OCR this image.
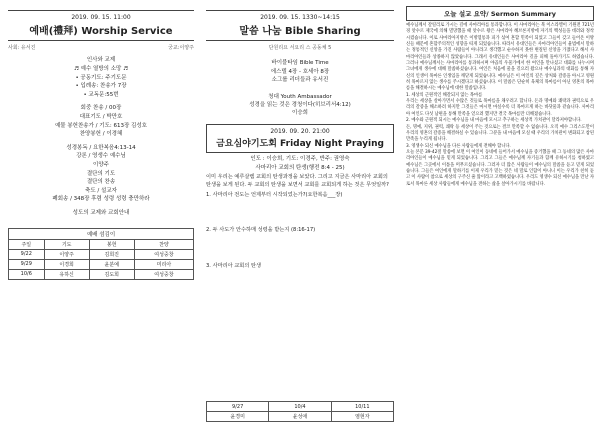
2019. 09. 15. 11:00
예배(禮拜) Worship Service
사회: 유서진	궁교:이양주
인사와 교제
♬ 예수 열방의 소망 ♬
• 공동기도: 주기도문
• 입례송: 찬송가 7장
• 교독문:55번
회중 찬송 / 00장
대표기도 / 박만호
예물 봉헌찬송가 / 기도: 613장 김성호
찬양봉헌 / 이경혜
성경봉독 / 요한복음4:13-14
강론 / 영생수 예수님
이양주
결단의 기도
결단의 찬송
축도 / 설교자
폐회송 / 348장 후렴 성령 성령 충만하라
성도의 교제와 교회안내
예배 섬김이
주일	기도	봉헌	찬양
9/22	이양주	김희진	여성중창
9/29	이경희	윤분예	미리아
10/6	유하신	김도희	여성중창
2019. 09. 15. 1330~14:15
말씀 나눔 Bible Sharing
단원리요 서요리 스 공동체 5
바이블타임 Bible Time
에스델 4장 - 호세아 8장
소그룹 리더들과 유서진
청대 Youth Ambassador
성경을 읽는 것은 경청이다(히브리서4:12)
이승희
2019. 09. 20. 21:00
금요심야기도회 Friday Night Praying
인도 : 이승희, 기도: 이경주, 반주: 권영숙
사마리아 교회의 탄생(행전 8:4 - 25)
이미 우리는 예루살렘 교회의 탄생과정을 보았다. 그리고 지금은 사마리아 교회의 탄생을 보게 된다. 두 교회의 탄생을 보면서 교회를 교회되게 하는 것은 무엇일까?
1. 사마리아 전도는 언제부터 시작되었는가?(요한복음___장)
2. 두 사도가 안수하매 성령을 받는지 (8:16-17)
3. 사마리아 교회의 탄생
9/27	10/4	10/11
윤경미	윤성애	염현자
오늘 설교 요약/ Sermon Summary
예수님께서 갈릴리로 가시는 길에 사마리아를 통과합니다. 이 사마리아는 북 이스라엘이 기원전 721년경 앗수르 제국에 의해 멸망했을 때 앗수르 왕은 사마리아 혜브론지방에 자기의 백성들을 데려와 정착시켰습니다. 이로 사마리아지방은 이방혈통과 피가 섞여 혼합 민족이 되었고 그들이 갖고 들어온 이방 신들 때문에 혼합주의적인 성향을 띠게 되었습니다. 따라서 유대인들은 사마리아인들이 율법에서 말하는 정통적인 신앙을 가진 사람들이 아니라고 생각했고 순수하지 못한 변질된 신앙을 가졌다고 해서 사마리아인들과 상종하지 않았습니다. 그래서 유대인들은 사마리아 길을 피해 돌아가기도 하였습니다. 그러나 예수님께서는 사마리아를 통과하시며 야곱의 우물가에서 한 여인을 만나셨고 대화를 나누시며 그녀에게 생수에 대해 말씀하셨습니다. 여인은 처음에 물을 길으러 왔으나 예수님과의 대화를 통해 자신의 인생이 목마른 인생임을 깨닫게 되었습니다. 예수님은 이 여인의 깊은 상처와 갈증을 아시고 영원히 목마르지 않는 생수를 주시겠다고 하셨습니다. 이 말씀은 단순히 육체의 목마름이 아닌 영혼의 목마름을 해결하시는 예수님에 대한 말씀입니다.
1. 세상의 근원적인 해갈되지 않는 목마름
우리는 세상을 살아가면서 수많은 것들로 목마름을 채우려고 합니다. 돈과 명예와 쾌락과 권력으로 우리의 갈증을 해소하려 하지만 그것들은 마시면 마실수록 더 목마르게 하는 바닷물과 같습니다. 사마리아 여인도 다섯 남편을 통해 만족을 얻으려 했지만 결국 목마름만 더해졌습니다.
2. 예수와 근원적 되시는 예수님을 내 마음에 모시고 추구하는 세상적 가치관이 달라져야합니다.
돈, 명예, 지위, 권력, 쾌락 등 세상이 주는 것으로는 결코 만족할 수 없습니다. 오직 예수 그리스도만이 우리의 영혼의 갈증을 해결하실 수 있습니다. 그분을 내 마음에 모실 때 우리의 가치관이 변화되고 참된 만족을 누리게 됩니다.
3. 영생수 되신 예수님을 다른 사람들에게 전해야 합니다.
오늘 본문 39-42절 말씀에 보면 이 여인이 동네에 들어가서 예수님을 증거했을 때 그 동네의 많은 사마리아인들이 예수님을 믿게 되었습니다. 그리고 그들은 예수님께 자기들과 함께 유하시기를 청하였고 예수님은 그곳에서 이틀을 머무르셨습니다. 그러자 더 많은 사람들이 예수님의 말씀을 듣고 믿게 되었습니다. 그들은 여인에게 말하기를 이제 우리가 믿는 것은 네 말로 인함이 아니니 이는 우리가 친히 듣고 이 사람이 참으로 세상의 구주신 줄 앎이라고 고백하였습니다. 우리도 영생수 되신 예수님을 만난 자로서 목마른 세상 사람들에게 예수님을 전하는 삶을 살아가시기를 바랍니다.
